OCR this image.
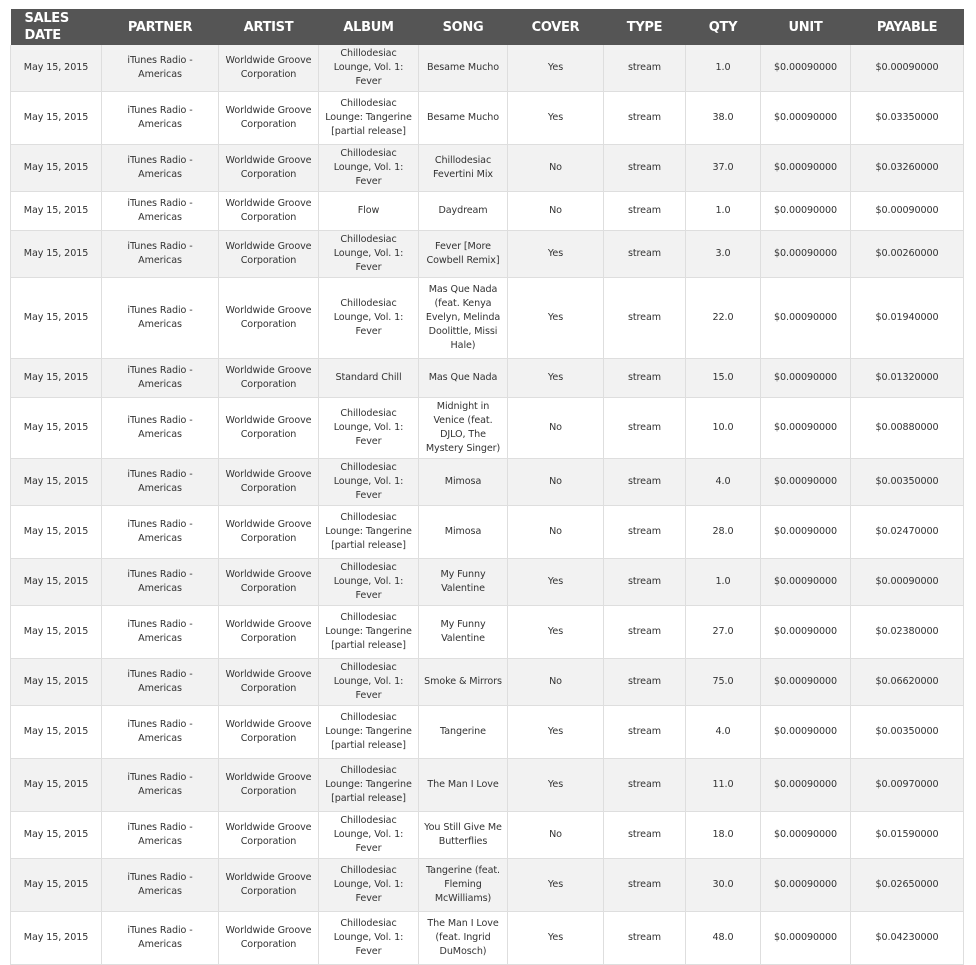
SALES DATE	PARTNER	ARTIST	ALBUM	SONG	COVER	TYPE	QTY	UNIT	PAYABLE
May 15, 2015	iTunes Radio - Americas	Worldwide Groove Corporation	Chillodesiac Lounge, Vol. 1: Fever	Besame Mucho	Yes	stream	1.0	$0.00090000	$0.00090000
May 15, 2015	iTunes Radio - Americas	Worldwide Groove Corporation	Chillodesiac Lounge: Tangerine [partial release]	Besame Mucho	Yes	stream	38.0	$0.00090000	$0.03350000
May 15, 2015	iTunes Radio - Americas	Worldwide Groove Corporation	Chillodesiac Lounge, Vol. 1: Fever	Chillodesiac Fevertini Mix	No	stream	37.0	$0.00090000	$0.03260000
May 15, 2015	iTunes Radio - Americas	Worldwide Groove Corporation	Flow	Daydream	No	stream	1.0	$0.00090000	$0.00090000
May 15, 2015	iTunes Radio - Americas	Worldwide Groove Corporation	Chillodesiac Lounge, Vol. 1: Fever	Fever [More Cowbell Remix]	Yes	stream	3.0	$0.00090000	$0.00260000
May 15, 2015	iTunes Radio - Americas	Worldwide Groove Corporation	Chillodesiac Lounge, Vol. 1: Fever	Mas Que Nada (feat. Kenya Evelyn, Melinda Doolittle, Missi Hale)	Yes	stream	22.0	$0.00090000	$0.01940000
May 15, 2015	iTunes Radio - Americas	Worldwide Groove Corporation	Standard Chill	Mas Que Nada	Yes	stream	15.0	$0.00090000	$0.01320000
May 15, 2015	iTunes Radio - Americas	Worldwide Groove Corporation	Chillodesiac Lounge, Vol. 1: Fever	Midnight in Venice (feat. DJLO, The Mystery Singer)	No	stream	10.0	$0.00090000	$0.00880000
May 15, 2015	iTunes Radio - Americas	Worldwide Groove Corporation	Chillodesiac Lounge, Vol. 1: Fever	Mimosa	No	stream	4.0	$0.00090000	$0.00350000
May 15, 2015	iTunes Radio - Americas	Worldwide Groove Corporation	Chillodesiac Lounge: Tangerine [partial release]	Mimosa	No	stream	28.0	$0.00090000	$0.02470000
May 15, 2015	iTunes Radio - Americas	Worldwide Groove Corporation	Chillodesiac Lounge, Vol. 1: Fever	My Funny Valentine	Yes	stream	1.0	$0.00090000	$0.00090000
May 15, 2015	iTunes Radio - Americas	Worldwide Groove Corporation	Chillodesiac Lounge: Tangerine [partial release]	My Funny Valentine	Yes	stream	27.0	$0.00090000	$0.02380000
May 15, 2015	iTunes Radio - Americas	Worldwide Groove Corporation	Chillodesiac Lounge, Vol. 1: Fever	Smoke & Mirrors	No	stream	75.0	$0.00090000	$0.06620000
May 15, 2015	iTunes Radio - Americas	Worldwide Groove Corporation	Chillodesiac Lounge: Tangerine [partial release]	Tangerine	Yes	stream	4.0	$0.00090000	$0.00350000
May 15, 2015	iTunes Radio - Americas	Worldwide Groove Corporation	Chillodesiac Lounge: Tangerine [partial release]	The Man I Love	Yes	stream	11.0	$0.00090000	$0.00970000
May 15, 2015	iTunes Radio - Americas	Worldwide Groove Corporation	Chillodesiac Lounge, Vol. 1: Fever	You Still Give Me Butterflies	No	stream	18.0	$0.00090000	$0.01590000
May 15, 2015	iTunes Radio - Americas	Worldwide Groove Corporation	Chillodesiac Lounge, Vol. 1: Fever	Tangerine (feat. Fleming McWilliams)	Yes	stream	30.0	$0.00090000	$0.02650000
May 15, 2015	iTunes Radio - Americas	Worldwide Groove Corporation	Chillodesiac Lounge, Vol. 1: Fever	The Man I Love (feat. Ingrid DuMosch)	Yes	stream	48.0	$0.00090000	$0.04230000
